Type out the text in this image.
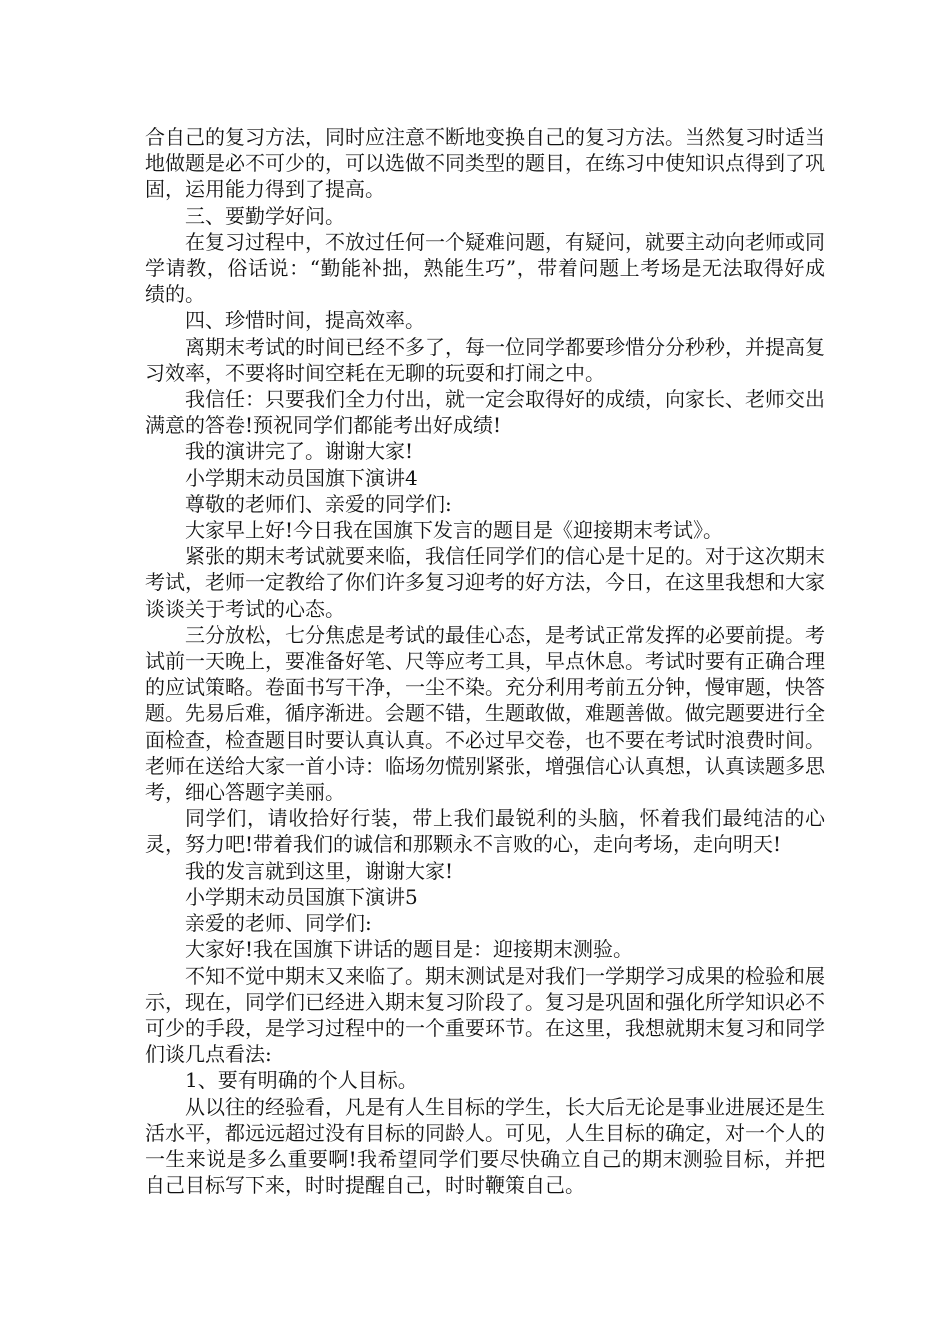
合自己的复习方法，同时应注意不断地变换自己的复习方法。当然复习时适当地做题是必不可少的，可以选做不同类型的题目，在练习中使知识点得到了巩固，运用能力得到了提高。

三、要勤学好问。

在复习过程中，不放过任何一个疑难问题，有疑问，就要主动向老师或同学请教，俗话说：“勤能补拙，熟能生巧”，带着问题上考场是无法取得好成绩的。

四、珍惜时间，提高效率。

离期末考试的时间已经不多了，每一位同学都要珍惜分分秒秒，并提高复习效率，不要将时间空耗在无聊的玩耍和打闹之中。

我信任：只要我们全力付出，就一定会取得好的成绩，向家长、老师交出满意的答卷!预祝同学们都能考出好成绩!

我的演讲完了。谢谢大家!

小学期末动员国旗下演讲4

尊敬的老师们、亲爱的同学们:

大家早上好!今日我在国旗下发言的题目是《迎接期末考试》。

紧张的期末考试就要来临，我信任同学们的信心是十足的。对于这次期末考试，老师一定教给了你们许多复习迎考的好方法，今日，在这里我想和大家谈谈关于考试的心态。

三分放松，七分焦虑是考试的最佳心态，是考试正常发挥的必要前提。考试前一天晚上，要准备好笔、尺等应考工具，早点休息。考试时要有正确合理的应试策略。卷面书写干净，一尘不染。充分利用考前五分钟，慢审题，快答题。先易后难，循序渐进。会题不错，生题敢做，难题善做。做完题要进行全面检查，检查题目时要认真认真。不必过早交卷，也不要在考试时浪费时间。老师在送给大家一首小诗：临场勿慌别紧张，增强信心认真想，认真读题多思考，细心答题字美丽。

同学们，请收拾好行装，带上我们最锐利的头脑，怀着我们最纯洁的心灵，努力吧!带着我们的诚信和那颗永不言败的心，走向考场，走向明天!

我的发言就到这里，谢谢大家!

小学期末动员国旗下演讲5

亲爱的老师、同学们:

大家好!我在国旗下讲话的题目是：迎接期末测验。

不知不觉中期末又来临了。期末测试是对我们一学期学习成果的检验和展示，现在，同学们已经进入期末复习阶段了。复习是巩固和强化所学知识必不可少的手段，是学习过程中的一个重要环节。在这里，我想就期末复习和同学们谈几点看法:

1、要有明确的个人目标。

从以往的经验看，凡是有人生目标的学生，长大后无论是事业进展还是生活水平，都远远超过没有目标的同龄人。可见，人生目标的确定，对一个人的一生来说是多么重要啊!我希望同学们要尽快确立自己的期末测验目标，并把自己目标写下来，时时提醒自己，时时鞭策自己。
